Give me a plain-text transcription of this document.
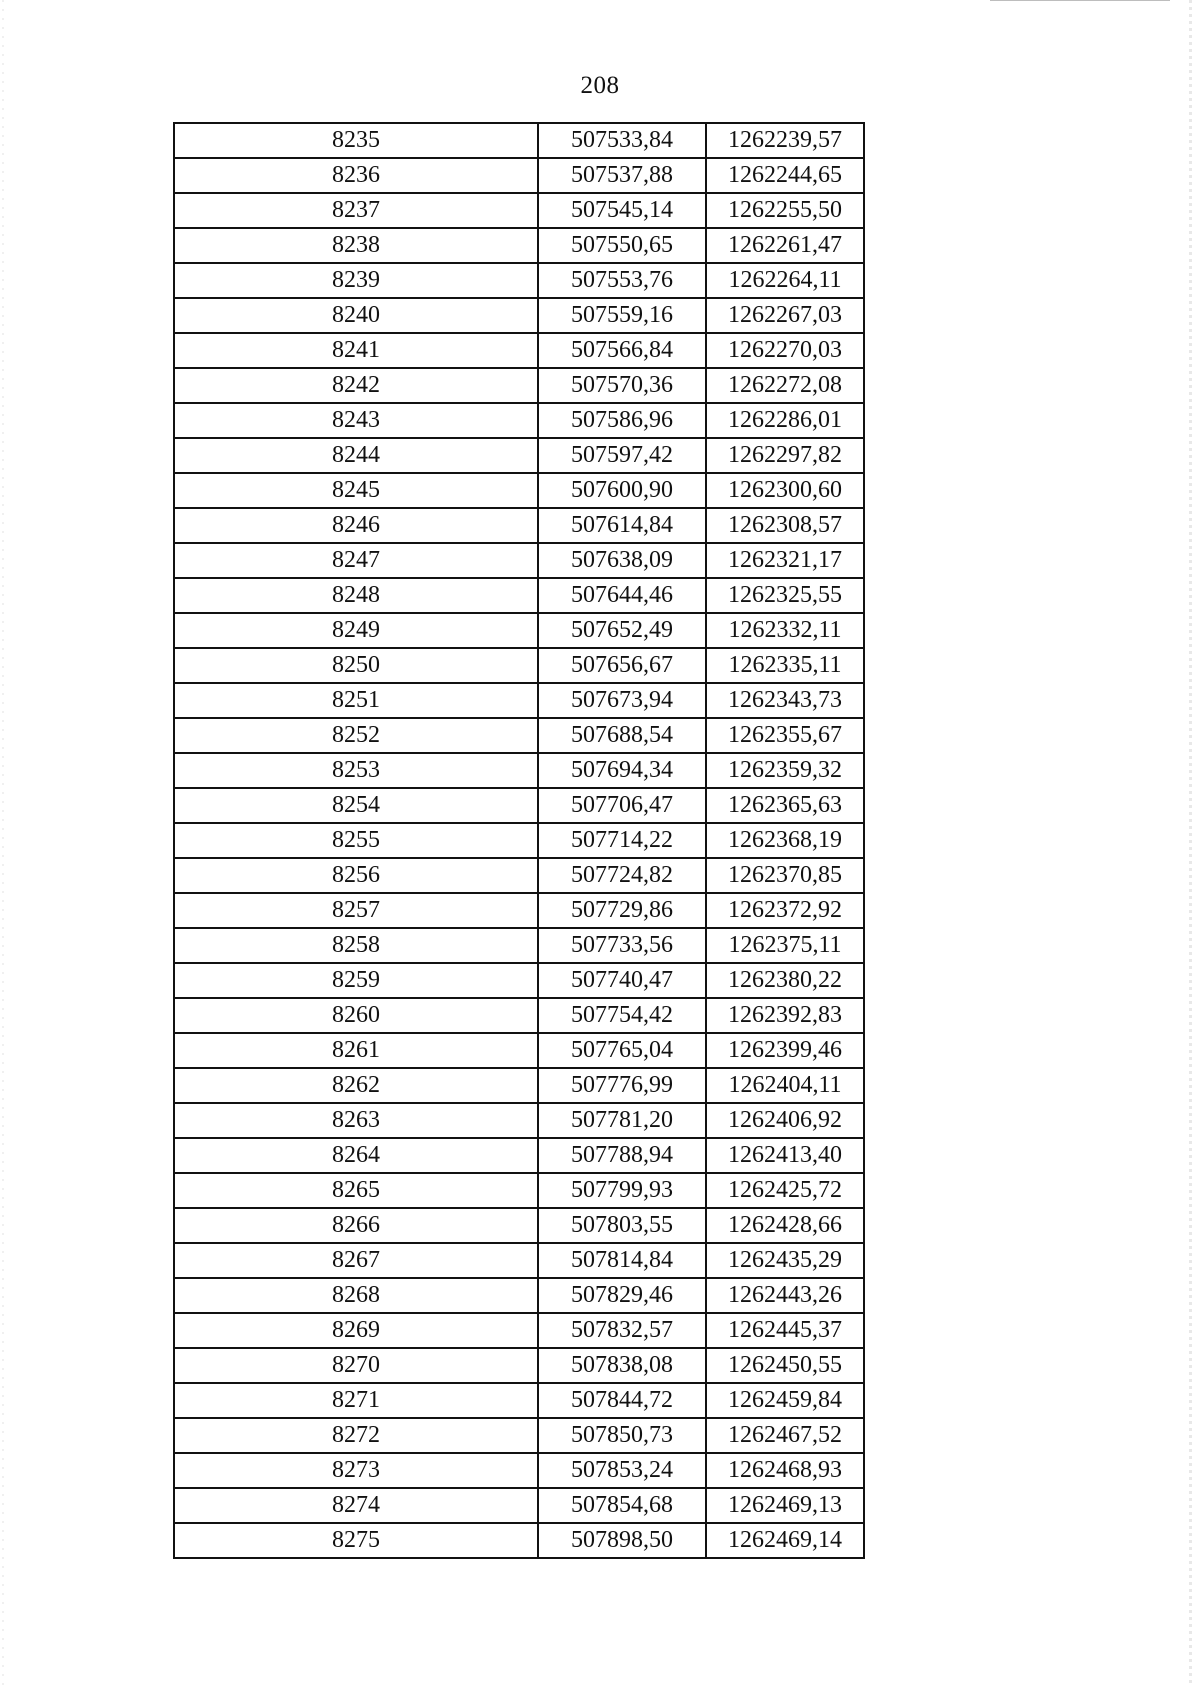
208
8235	507533,84	1262239,57
8236	507537,88	1262244,65
8237	507545,14	1262255,50
8238	507550,65	1262261,47
8239	507553,76	1262264,11
8240	507559,16	1262267,03
8241	507566,84	1262270,03
8242	507570,36	1262272,08
8243	507586,96	1262286,01
8244	507597,42	1262297,82
8245	507600,90	1262300,60
8246	507614,84	1262308,57
8247	507638,09	1262321,17
8248	507644,46	1262325,55
8249	507652,49	1262332,11
8250	507656,67	1262335,11
8251	507673,94	1262343,73
8252	507688,54	1262355,67
8253	507694,34	1262359,32
8254	507706,47	1262365,63
8255	507714,22	1262368,19
8256	507724,82	1262370,85
8257	507729,86	1262372,92
8258	507733,56	1262375,11
8259	507740,47	1262380,22
8260	507754,42	1262392,83
8261	507765,04	1262399,46
8262	507776,99	1262404,11
8263	507781,20	1262406,92
8264	507788,94	1262413,40
8265	507799,93	1262425,72
8266	507803,55	1262428,66
8267	507814,84	1262435,29
8268	507829,46	1262443,26
8269	507832,57	1262445,37
8270	507838,08	1262450,55
8271	507844,72	1262459,84
8272	507850,73	1262467,52
8273	507853,24	1262468,93
8274	507854,68	1262469,13
8275	507898,50	1262469,14
